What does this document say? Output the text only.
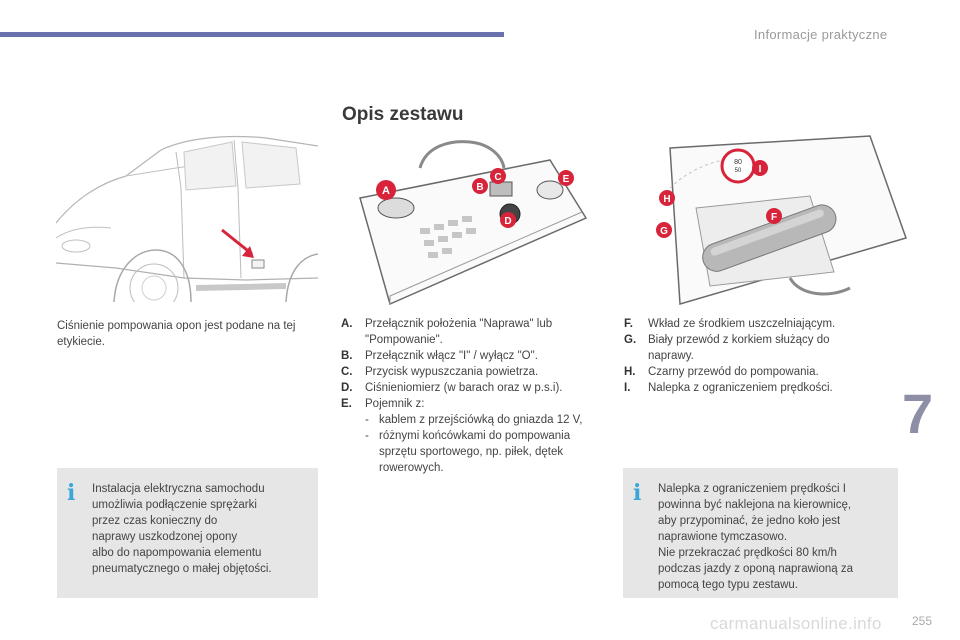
Informacje praktyczne
Opis zestawu
A	B
C
D
E
80
50 I
H
F
G
Ciśnienie pompowania opon jest podane na tej etykiecie.
A.	Przełącznik położenia "Naprawa" lub
"Pompowanie".
B.	Przełącznik włącz "I" / wyłącz "O".
C.	Przycisk wypuszczania powietrza.
D.	Ciśnieniomierz (w barach oraz w p.s.i).
E.	Pojemnik z:
- kablem z przejściówką do gniazda 12 V,
- różnymi końcówkami do pompowania
sprzętu sportowego, np. piłek, dętek
rowerowych.
F.	Wkład ze środkiem uszczelniającym.
G.	Biały przewód z korkiem służący do
naprawy.
H.	Czarny przewód do pompowania.
I.	Nalepka z ograniczeniem prędkości.
i Instalacja elektryczna samochodu
umożliwia podłączenie sprężarki
przez czas konieczny do
naprawy uszkodzonej opony
albo do napompowania elementu
pneumatycznego o małej objętości.
i Nalepka z ograniczeniem prędkości I
powinna być naklejona na kierownicę,
aby przypominać, że jedno koło jest
naprawione tymczasowo.
Nie przekraczać prędkości 80 km/h
podczas jazdy z oponą naprawioną za
pomocą tego typu zestawu.
7
carmanualsonline.info	255
